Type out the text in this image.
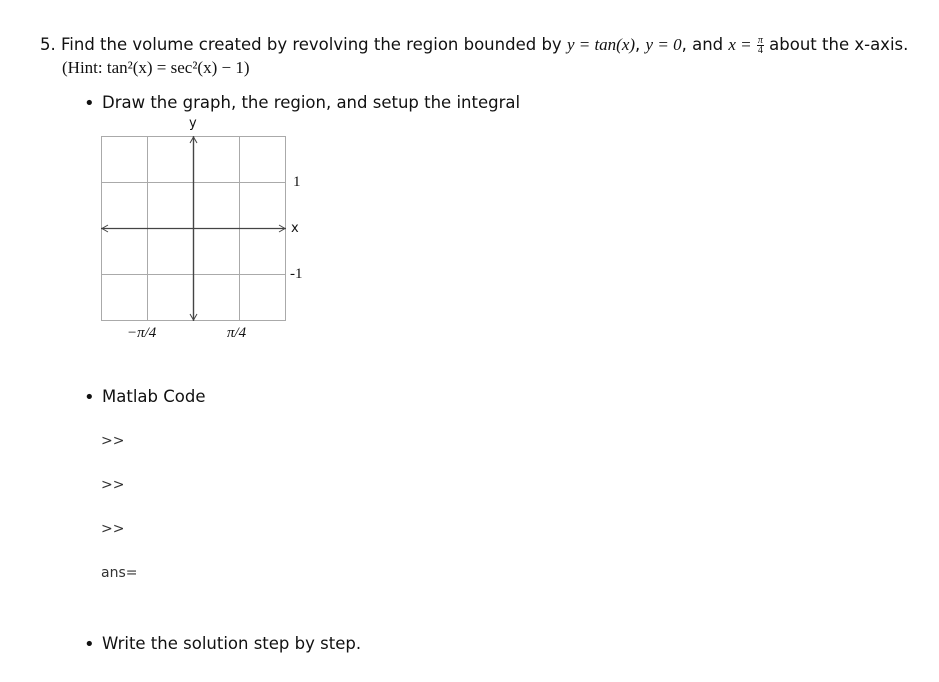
5. Find the volume created by revolving the region bounded by y = tan(x), y = 0, and $x = \frac{\pi}{4}$ about the x-axis.
(Hint: tan²(x) = sec²(x) − 1)
• Draw the graph, the region, and setup the integral
y
x
1
-1
−π/4	π/4
• Matlab Code
>>
>>
>>
ans=
• Write the solution step by step.
